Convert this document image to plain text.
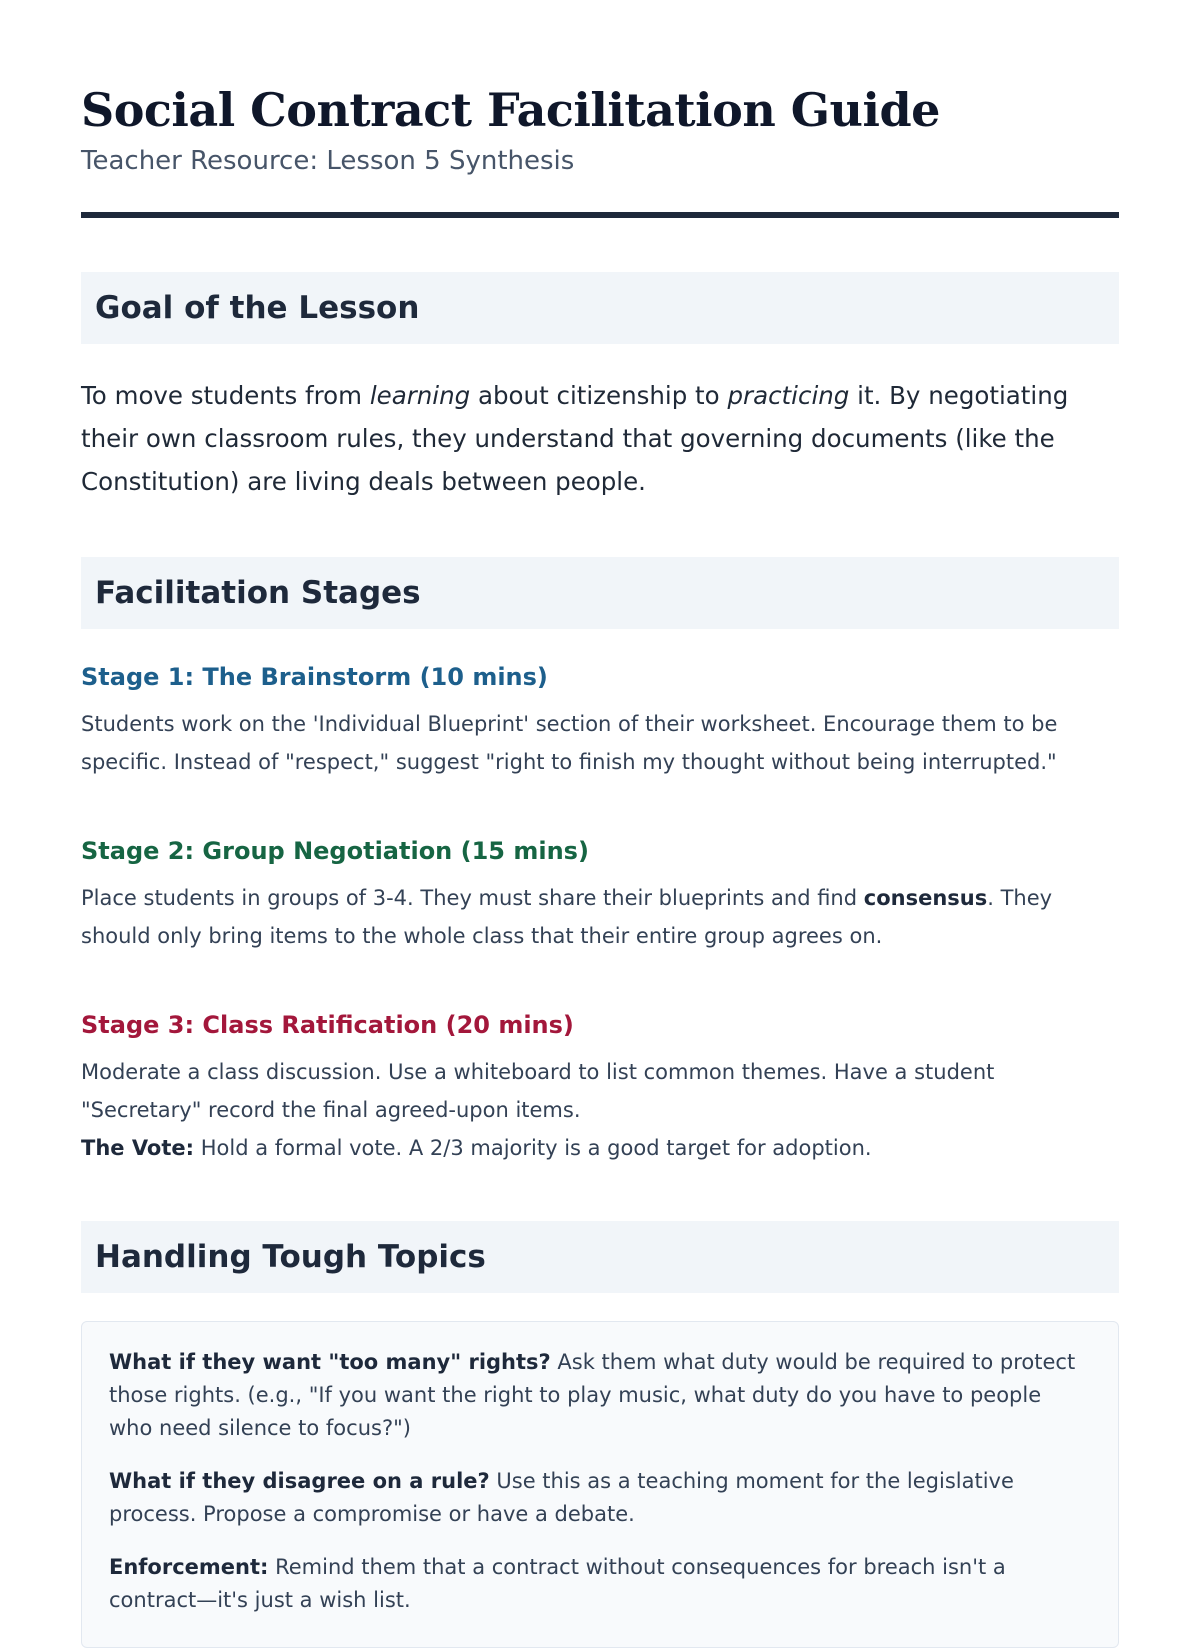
Social Contract Facilitation Guide
Teacher Resource: Lesson 5 Synthesis
Goal of the Lesson

To move students from learning about citizenship to practicing it. By negotiating their own classroom rules, they understand that governing documents (like the Constitution) are living deals between people.

Facilitation Stages
Stage 1: The Brainstorm (10 mins)

Students work on the 'Individual Blueprint' section of their worksheet. Encourage them to be specific. Instead of "respect," suggest "right to finish my thought without being interrupted."

Stage 2: Group Negotiation (15 mins)

Place students in groups of 3-4. They must share their blueprints and find consensus. They should only bring items to the whole class that their entire group agrees on.

Stage 3: Class Ratification (20 mins)

Moderate a class discussion. Use a whiteboard to list common themes. Have a student "Secretary" record the final agreed-upon items.
The Vote: Hold a formal vote. A 2/3 majority is a good target for adoption.

Handling Tough Topics

What if they want "too many" rights? Ask them what duty would be required to protect those rights. (e.g., "If you want the right to play music, what duty do you have to people who need silence to focus?")

What if they disagree on a rule? Use this as a teaching moment for the legislative process. Propose a compromise or have a debate.

Enforcement: Remind them that a contract without consequences for breach isn't a contract—it's just a wish list.
